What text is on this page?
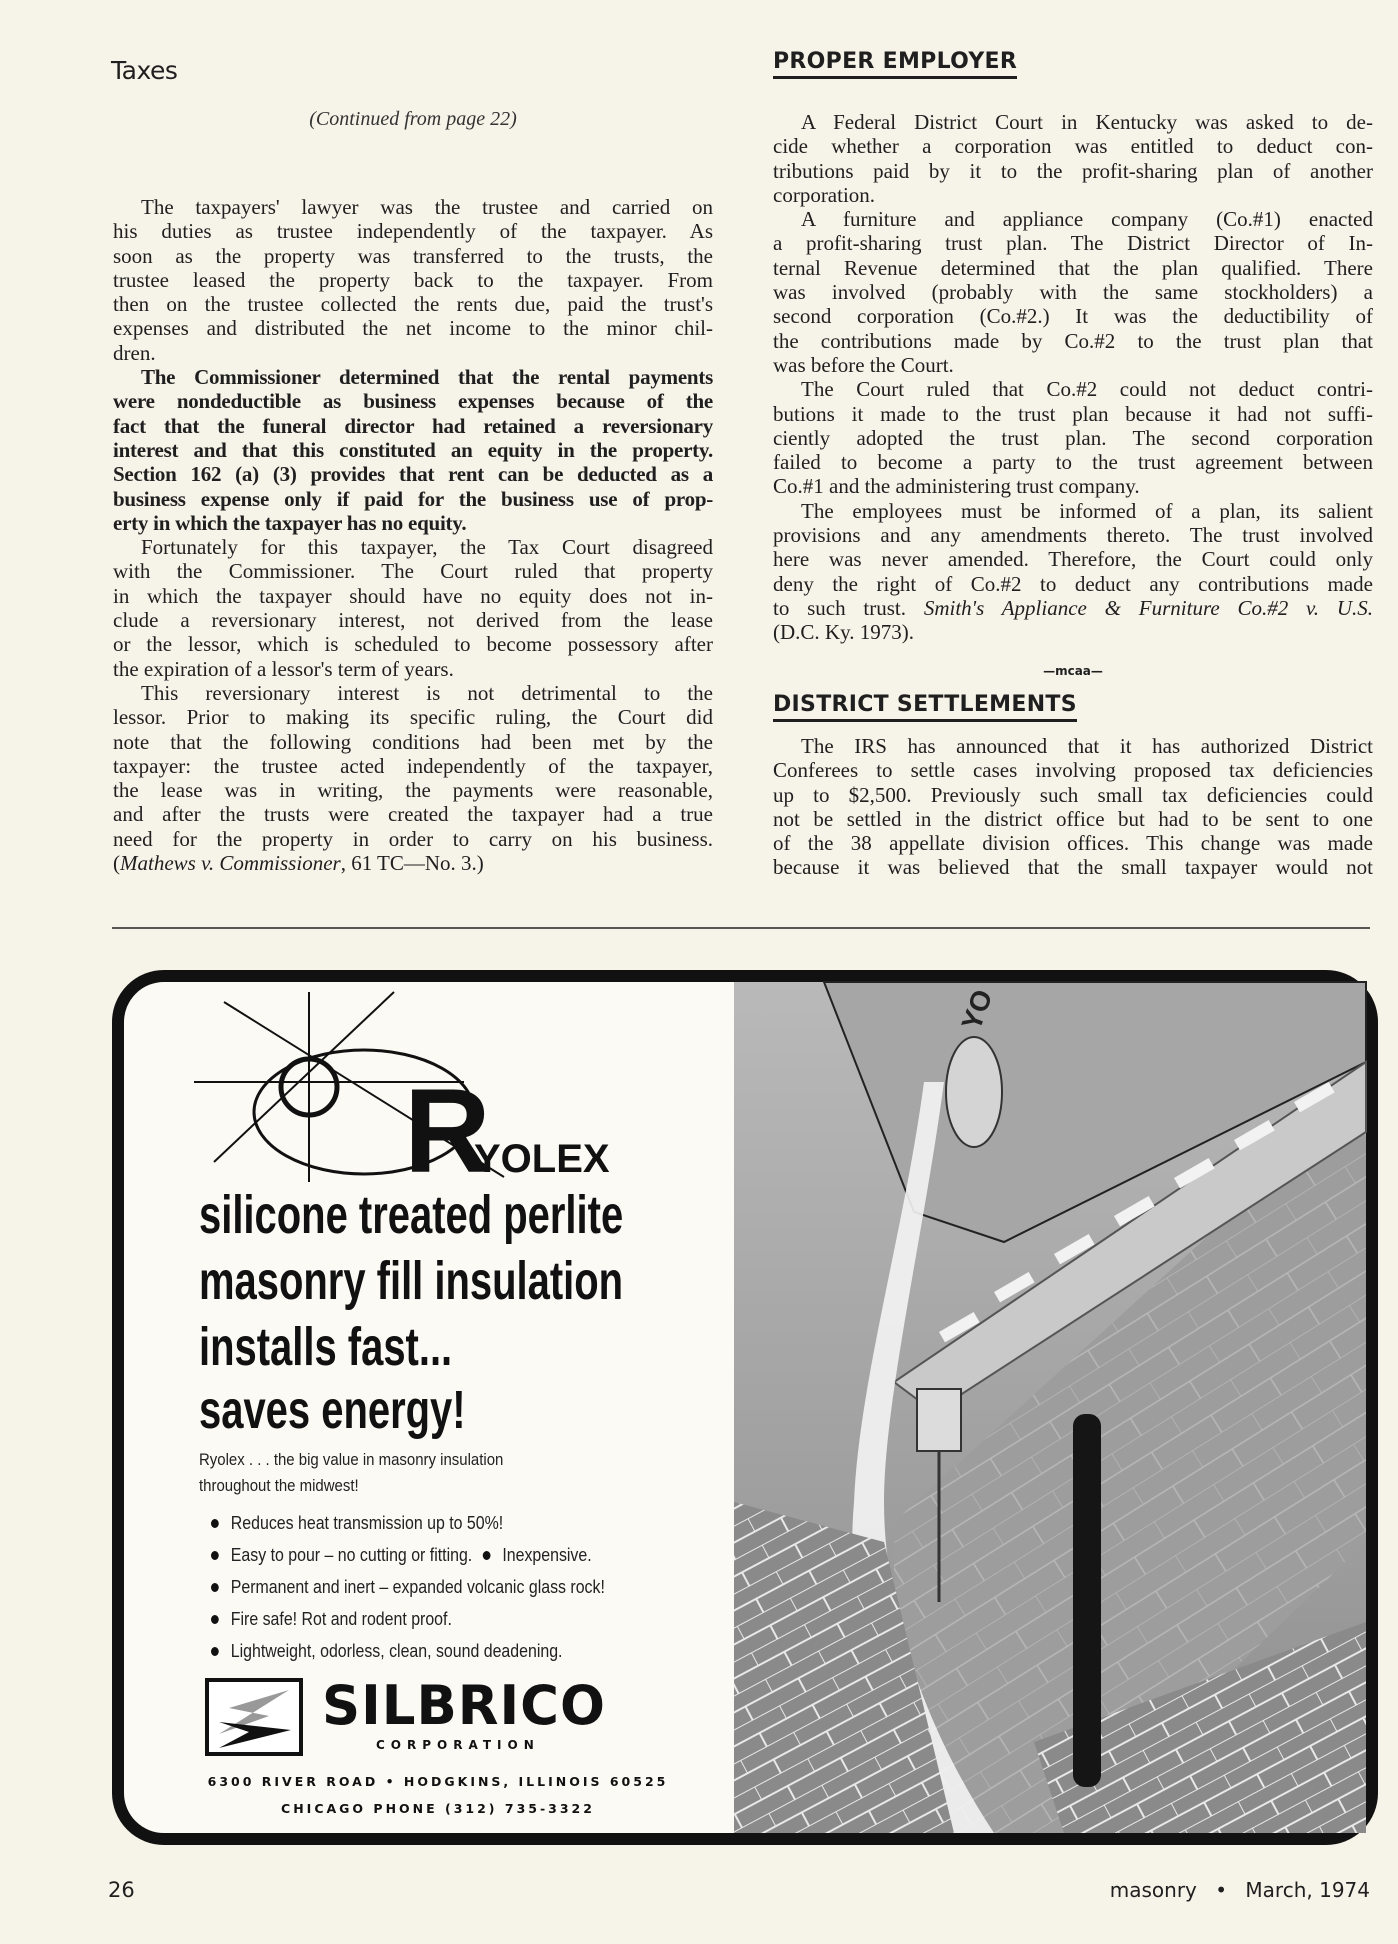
Taxes
(Continued from page 22)
The taxpayers' lawyer was the trustee and carried on
his duties as trustee independently of the taxpayer. As
soon as the property was transferred to the trusts, the
trustee leased the property back to the taxpayer. From
then on the trustee collected the rents due, paid the trust's
expenses and distributed the net income to the minor chil-
dren.
The Commissioner determined that the rental payments
were nondeductible as business expenses because of the
fact that the funeral director had retained a reversionary
interest and that this constituted an equity in the property.
Section 162 (a) (3) provides that rent can be deducted as a
business expense only if paid for the business use of prop-
erty in which the taxpayer has no equity.
Fortunately for this taxpayer, the Tax Court disagreed
with the Commissioner. The Court ruled that property
in which the taxpayer should have no equity does not in-
clude a reversionary interest, not derived from the lease
or the lessor, which is scheduled to become possessory after
the expiration of a lessor's term of years.
This reversionary interest is not detrimental to the
lessor. Prior to making its specific ruling, the Court did
note that the following conditions had been met by the
taxpayer: the trustee acted independently of the taxpayer,
the lease was in writing, the payments were reasonable,
and after the trusts were created the taxpayer had a true
need for the property in order to carry on his business.
(Mathews v. Commissioner, 61 TC—No. 3.)
PROPER EMPLOYER
A Federal District Court in Kentucky was asked to de-
cide whether a corporation was entitled to deduct con-
tributions paid by it to the profit-sharing plan of another
corporation.
A furniture and appliance company (Co.#1) enacted
a profit-sharing trust plan. The District Director of In-
ternal Revenue determined that the plan qualified. There
was involved (probably with the same stockholders) a
second corporation (Co.#2.) It was the deductibility of
the contributions made by Co.#2 to the trust plan that
was before the Court.
The Court ruled that Co.#2 could not deduct contri-
butions it made to the trust plan because it had not suffi-
ciently adopted the trust plan. The second corporation
failed to become a party to the trust agreement between
Co.#1 and the administering trust company.
The employees must be informed of a plan, its salient
provisions and any amendments thereto. The trust involved
here was never amended. Therefore, the Court could only
deny the right of Co.#2 to deduct any contributions made
to such trust. Smith's Appliance & Furniture Co.#2 v. U.S.
(D.C. Ky. 1973).
—mcaa—
DISTRICT SETTLEMENTS
The IRS has announced that it has authorized District
Conferees to settle cases involving proposed tax deficiencies
up to $2,500. Previously such small tax deficiencies could
not be settled in the district office but had to be sent to one
of the 38 appellate division offices. This change was made
because it was believed that the small taxpayer would not
R
YOLEX
silicone treated perlite
masonry fill insulation
installs fast...
saves energy!
Ryolex . . . the big value in masonry insulation
throughout the midwest!
Reduces heat transmission up to 50%!
Easy to pour – no cutting or fitting. Inexpensive.
Permanent and inert – expanded volcanic glass rock!
Fire safe! Rot and rodent proof.
Lightweight, odorless, clean, sound deadening.
SILBRICO
CORPORATION
6300 RIVER ROAD • HODGKINS, ILLINOIS 60525
CHICAGO PHONE (312) 735-3322
YO
26	masonry • March, 1974
